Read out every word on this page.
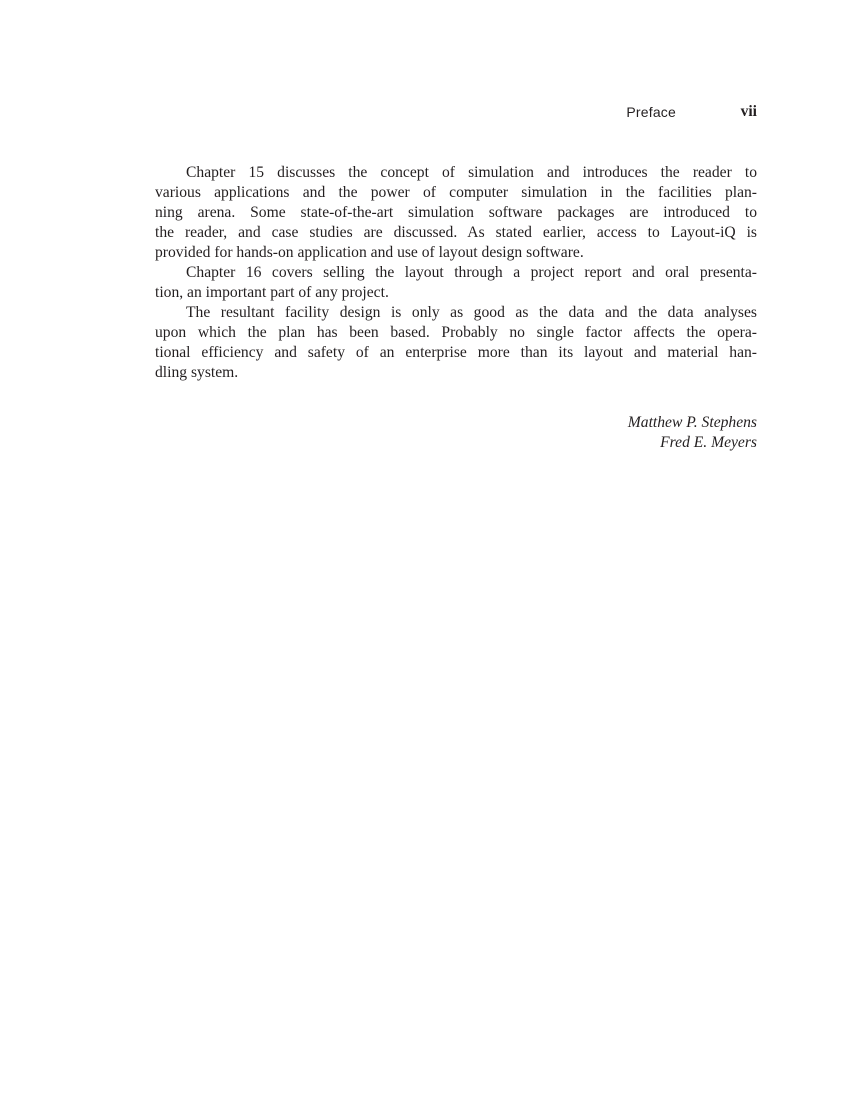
Preface	vii
Chapter 15 discusses the concept of simulation and introduces the reader to
various applications and the power of computer simulation in the facilities plan-
ning arena. Some state-of-the-art simulation software packages are introduced to
the reader, and case studies are discussed. As stated earlier, access to Layout-iQ is
provided for hands-on application and use of layout design software.
Chapter 16 covers selling the layout through a project report and oral presenta-
tion, an important part of any project.
The resultant facility design is only as good as the data and the data analyses
upon which the plan has been based. Probably no single factor affects the opera-
tional efficiency and safety of an enterprise more than its layout and material han-
dling system.
Matthew P. Stephens
Fred E. Meyers
